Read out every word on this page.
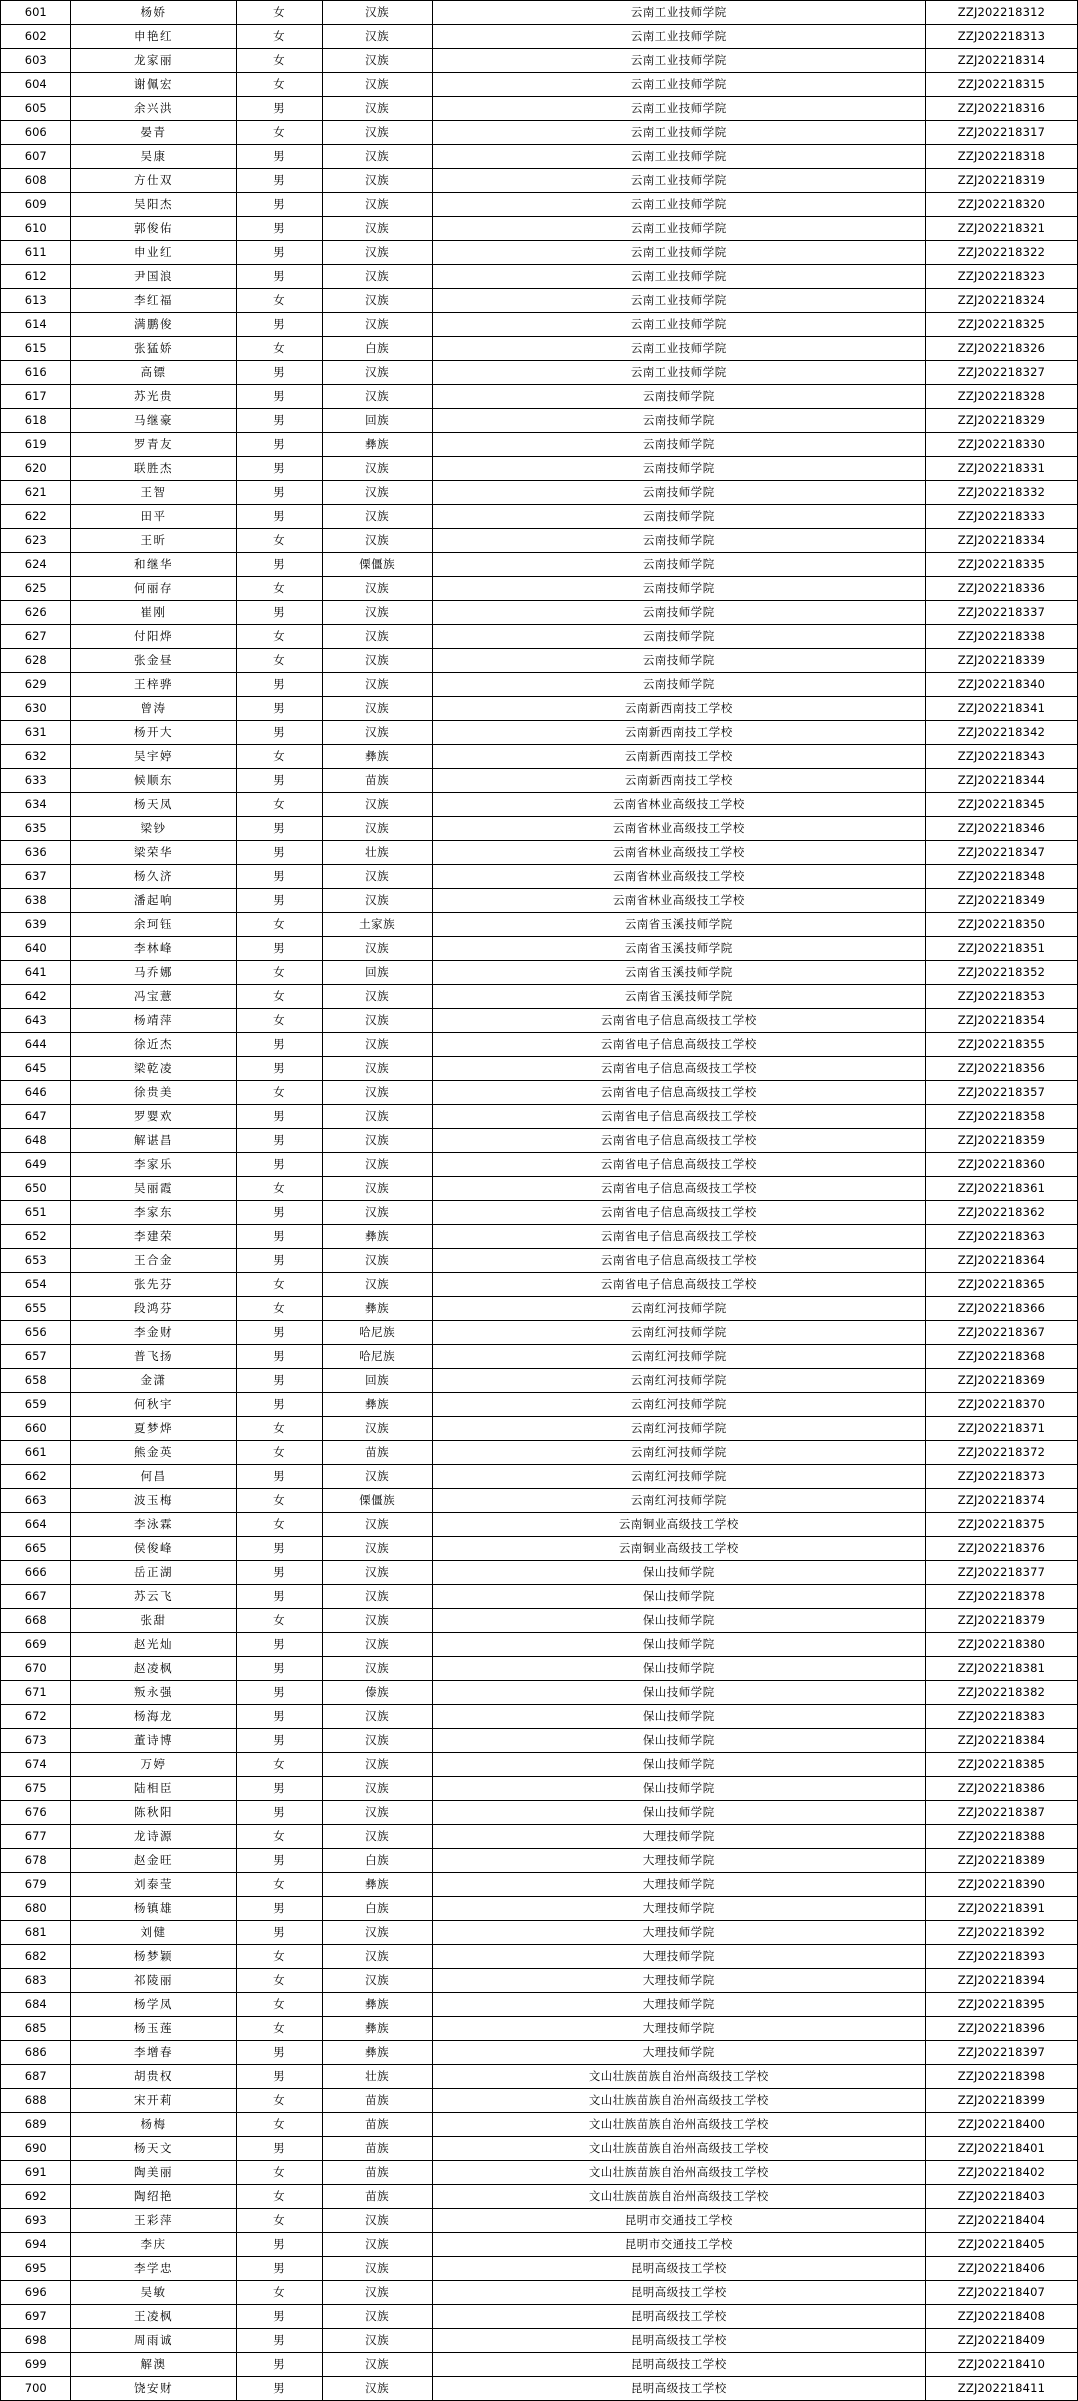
601	杨娇	女	汉族	云南工业技师学院	ZZJ202218312
602	申艳红	女	汉族	云南工业技师学院	ZZJ202218313
603	龙家丽	女	汉族	云南工业技师学院	ZZJ202218314
604	谢佩宏	女	汉族	云南工业技师学院	ZZJ202218315
605	余兴洪	男	汉族	云南工业技师学院	ZZJ202218316
606	晏青	女	汉族	云南工业技师学院	ZZJ202218317
607	吴康	男	汉族	云南工业技师学院	ZZJ202218318
608	方仕双	男	汉族	云南工业技师学院	ZZJ202218319
609	吴阳杰	男	汉族	云南工业技师学院	ZZJ202218320
610	郭俊佑	男	汉族	云南工业技师学院	ZZJ202218321
611	申业红	男	汉族	云南工业技师学院	ZZJ202218322
612	尹国浪	男	汉族	云南工业技师学院	ZZJ202218323
613	李红福	女	汉族	云南工业技师学院	ZZJ202218324
614	满鹏俊	男	汉族	云南工业技师学院	ZZJ202218325
615	张猛娇	女	白族	云南工业技师学院	ZZJ202218326
616	高镖	男	汉族	云南工业技师学院	ZZJ202218327
617	苏光贵	男	汉族	云南技师学院	ZZJ202218328
618	马继豪	男	回族	云南技师学院	ZZJ202218329
619	罗青友	男	彝族	云南技师学院	ZZJ202218330
620	联胜杰	男	汉族	云南技师学院	ZZJ202218331
621	王智	男	汉族	云南技师学院	ZZJ202218332
622	田平	男	汉族	云南技师学院	ZZJ202218333
623	王昕	女	汉族	云南技师学院	ZZJ202218334
624	和继华	男	傈僵族	云南技师学院	ZZJ202218335
625	何丽存	女	汉族	云南技师学院	ZZJ202218336
626	崔刚	男	汉族	云南技师学院	ZZJ202218337
627	付阳烨	女	汉族	云南技师学院	ZZJ202218338
628	张金昼	女	汉族	云南技师学院	ZZJ202218339
629	王梓骅	男	汉族	云南技师学院	ZZJ202218340
630	曾涛	男	汉族	云南新西南技工学校	ZZJ202218341
631	杨开大	男	汉族	云南新西南技工学校	ZZJ202218342
632	吴宇婷	女	彝族	云南新西南技工学校	ZZJ202218343
633	候顺东	男	苗族	云南新西南技工学校	ZZJ202218344
634	杨天凤	女	汉族	云南省林业高级技工学校	ZZJ202218345
635	梁钞	男	汉族	云南省林业高级技工学校	ZZJ202218346
636	梁荣华	男	壮族	云南省林业高级技工学校	ZZJ202218347
637	杨久济	男	汉族	云南省林业高级技工学校	ZZJ202218348
638	潘起响	男	汉族	云南省林业高级技工学校	ZZJ202218349
639	余珂钰	女	土家族	云南省玉溪技师学院	ZZJ202218350
640	李林峰	男	汉族	云南省玉溪技师学院	ZZJ202218351
641	马乔娜	女	回族	云南省玉溪技师学院	ZZJ202218352
642	冯宝薏	女	汉族	云南省玉溪技师学院	ZZJ202218353
643	杨靖萍	女	汉族	云南省电子信息高级技工学校	ZZJ202218354
644	徐近杰	男	汉族	云南省电子信息高级技工学校	ZZJ202218355
645	梁乾凌	男	汉族	云南省电子信息高级技工学校	ZZJ202218356
646	徐贵美	女	汉族	云南省电子信息高级技工学校	ZZJ202218357
647	罗婴欢	男	汉族	云南省电子信息高级技工学校	ZZJ202218358
648	解谌昌	男	汉族	云南省电子信息高级技工学校	ZZJ202218359
649	李家乐	男	汉族	云南省电子信息高级技工学校	ZZJ202218360
650	吴丽霞	女	汉族	云南省电子信息高级技工学校	ZZJ202218361
651	李家东	男	汉族	云南省电子信息高级技工学校	ZZJ202218362
652	李建荣	男	彝族	云南省电子信息高级技工学校	ZZJ202218363
653	王合金	男	汉族	云南省电子信息高级技工学校	ZZJ202218364
654	张先芬	女	汉族	云南省电子信息高级技工学校	ZZJ202218365
655	段鸿芬	女	彝族	云南红河技师学院	ZZJ202218366
656	李金财	男	哈尼族	云南红河技师学院	ZZJ202218367
657	普飞扬	男	哈尼族	云南红河技师学院	ZZJ202218368
658	金潇	男	回族	云南红河技师学院	ZZJ202218369
659	何秋宇	男	彝族	云南红河技师学院	ZZJ202218370
660	夏梦烨	女	汉族	云南红河技师学院	ZZJ202218371
661	熊金英	女	苗族	云南红河技师学院	ZZJ202218372
662	何昌	男	汉族	云南红河技师学院	ZZJ202218373
663	波玉梅	女	傈僵族	云南红河技师学院	ZZJ202218374
664	李泳霖	女	汉族	云南铜业高级技工学校	ZZJ202218375
665	侯俊峰	男	汉族	云南铜业高级技工学校	ZZJ202218376
666	岳正湖	男	汉族	保山技师学院	ZZJ202218377
667	苏云飞	男	汉族	保山技师学院	ZZJ202218378
668	张甜	女	汉族	保山技师学院	ZZJ202218379
669	赵光灿	男	汉族	保山技师学院	ZZJ202218380
670	赵凌枫	男	汉族	保山技师学院	ZZJ202218381
671	叛永强	男	傣族	保山技师学院	ZZJ202218382
672	杨海龙	男	汉族	保山技师学院	ZZJ202218383
673	董诗博	男	汉族	保山技师学院	ZZJ202218384
674	万婷	女	汉族	保山技师学院	ZZJ202218385
675	陆相臣	男	汉族	保山技师学院	ZZJ202218386
676	陈秋阳	男	汉族	保山技师学院	ZZJ202218387
677	龙诗源	女	汉族	大理技师学院	ZZJ202218388
678	赵金旺	男	白族	大理技师学院	ZZJ202218389
679	刘泰莹	女	彝族	大理技师学院	ZZJ202218390
680	杨镇雄	男	白族	大理技师学院	ZZJ202218391
681	刘健	男	汉族	大理技师学院	ZZJ202218392
682	杨梦颖	女	汉族	大理技师学院	ZZJ202218393
683	祁陵丽	女	汉族	大理技师学院	ZZJ202218394
684	杨学凤	女	彝族	大理技师学院	ZZJ202218395
685	杨玉莲	女	彝族	大理技师学院	ZZJ202218396
686	李增春	男	彝族	大理技师学院	ZZJ202218397
687	胡贵权	男	壮族	文山壮族苗族自治州高级技工学校	ZZJ202218398
688	宋开莉	女	苗族	文山壮族苗族自治州高级技工学校	ZZJ202218399
689	杨梅	女	苗族	文山壮族苗族自治州高级技工学校	ZZJ202218400
690	杨天文	男	苗族	文山壮族苗族自治州高级技工学校	ZZJ202218401
691	陶美丽	女	苗族	文山壮族苗族自治州高级技工学校	ZZJ202218402
692	陶绍艳	女	苗族	文山壮族苗族自治州高级技工学校	ZZJ202218403
693	王彩萍	女	汉族	昆明市交通技工学校	ZZJ202218404
694	李庆	男	汉族	昆明市交通技工学校	ZZJ202218405
695	李学忠	男	汉族	昆明高级技工学校	ZZJ202218406
696	吴敏	女	汉族	昆明高级技工学校	ZZJ202218407
697	王凌枫	男	汉族	昆明高级技工学校	ZZJ202218408
698	周雨诚	男	汉族	昆明高级技工学校	ZZJ202218409
699	解澳	男	汉族	昆明高级技工学校	ZZJ202218410
700	饶安财	男	汉族	昆明高级技工学校	ZZJ202218411
